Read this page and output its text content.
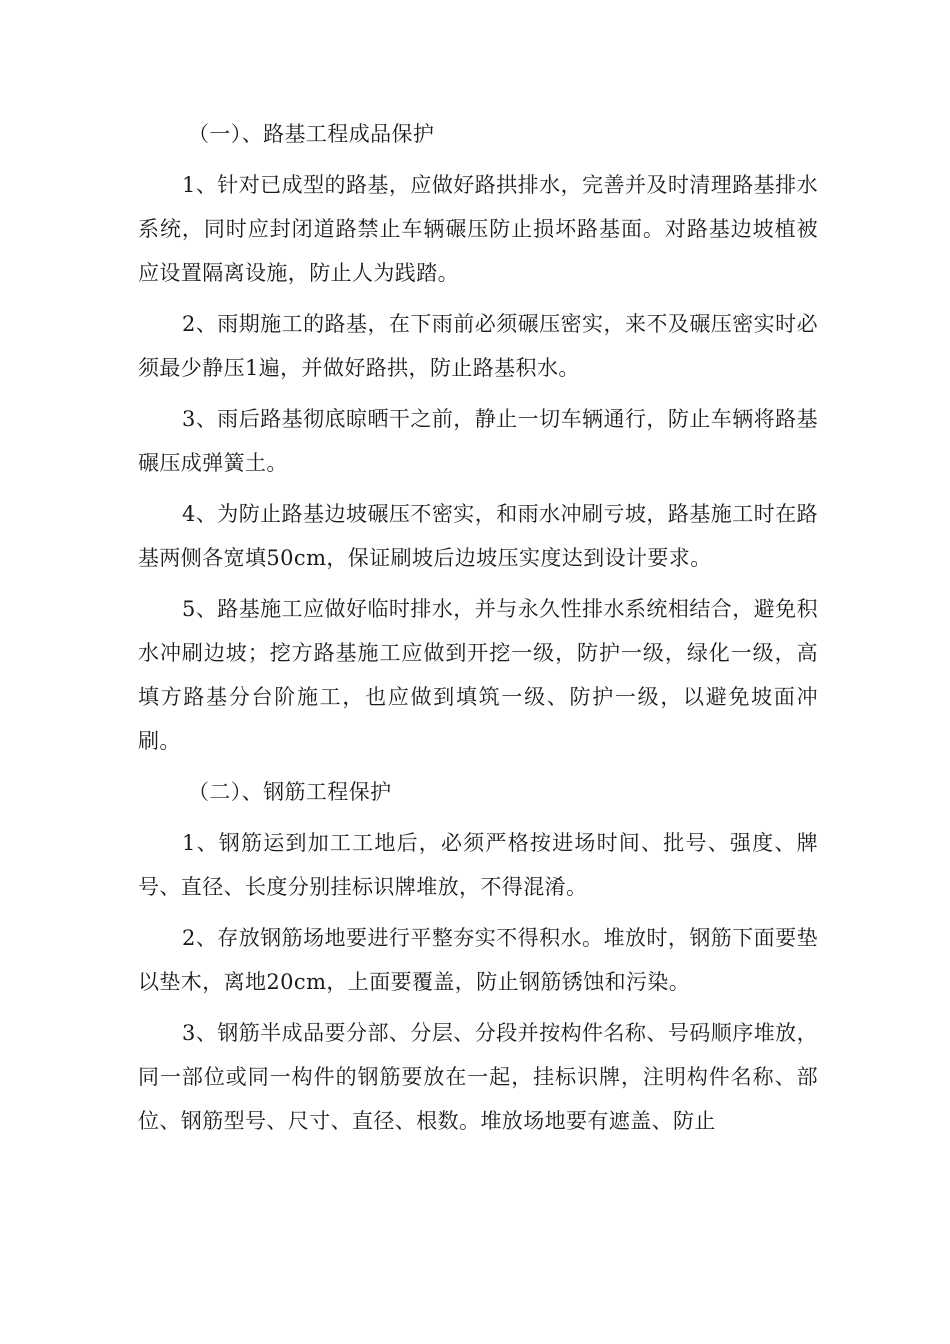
（一）、路基工程成品保护

1、针对已成型的路基，应做好路拱排水，完善并及时清理路基排水系统，同时应封闭道路禁止车辆碾压防止损坏路基面。对路基边坡植被应设置隔离设施，防止人为践踏。

2、雨期施工的路基，在下雨前必须碾压密实，来不及碾压密实时必须最少静压1遍，并做好路拱，防止路基积水。

3、雨后路基彻底晾晒干之前，静止一切车辆通行，防止车辆将路基碾压成弹簧土。

4、为防止路基边坡碾压不密实，和雨水冲刷亏坡，路基施工时在路基两侧各宽填50cm，保证刷坡后边坡压实度达到设计要求。

5、路基施工应做好临时排水，并与永久性排水系统相结合，避免积水冲刷边坡；挖方路基施工应做到开挖一级，防护一级，绿化一级，高填方路基分台阶施工，也应做到填筑一级、防护一级，以避免坡面冲刷。

（二）、钢筋工程保护

1、钢筋运到加工工地后，必须严格按进场时间、批号、强度、牌号、直径、长度分别挂标识牌堆放，不得混淆。

2、存放钢筋场地要进行平整夯实不得积水。堆放时，钢筋下面要垫以垫木，离地20cm，上面要覆盖，防止钢筋锈蚀和污染。

3、钢筋半成品要分部、分层、分段并按构件名称、号码顺序堆放，同一部位或同一构件的钢筋要放在一起，挂标识牌，注明构件名称、部位、钢筋型号、尺寸、直径、根数。堆放场地要有遮盖、防止
